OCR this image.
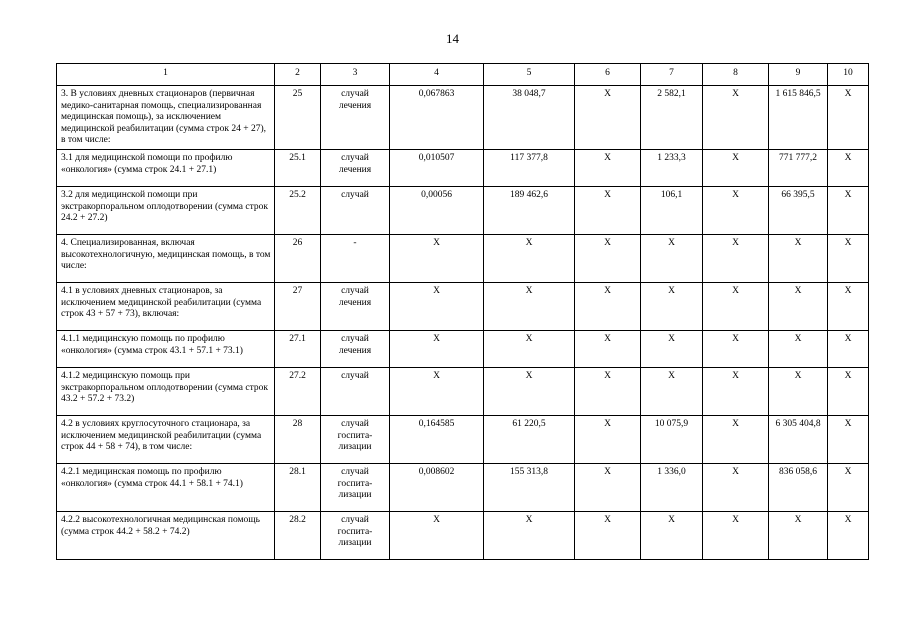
14
1	2	3	4	5	6	7	8	9	10
3. В условиях дневных стационаров (первичная медико-санитарная помощь, специализированная медицинская помощь), за исключением медицинской реабилитации (сумма строк 24 + 27), в том числе:	25	случай лечения	0,067863	38 048,7	X	2 582,1	X	1 615 846,5	X
3.1 для медицинской помощи по профилю «онкология» (сумма строк 24.1 + 27.1)	25.1	случай лечения	0,010507	117 377,8	X	1 233,3	X	771 777,2	X
3.2 для медицинской помощи при экстракорпоральном оплодотворении (сумма строк 24.2 + 27.2)	25.2	случай	0,00056	189 462,6	X	106,1	X	66 395,5	X
4. Специализированная, включая высокотехнологичную, медицинская помощь, в том числе:	26	-	X	X	X	X	X	X	X
4.1 в условиях дневных стационаров, за исключением медицинской реабилитации (сумма строк 43 + 57 + 73), включая:	27	случай лечения	X	X	X	X	X	X	X
4.1.1 медицинскую помощь по профилю «онкология» (сумма строк 43.1 + 57.1 + 73.1)	27.1	случай лечения	X	X	X	X	X	X	X
4.1.2 медицинскую помощь при экстракорпоральном оплодотворении (сумма строк 43.2 + 57.2 + 73.2)	27.2	случай	X	X	X	X	X	X	X
4.2 в условиях круглосуточного стационара, за исключением медицинской реабилитации (сумма строк 44 + 58 + 74), в том числе:	28	случай госпита-лизации	0,164585	61 220,5	X	10 075,9	X	6 305 404,8	X
4.2.1 медицинская помощь по профилю «онкология» (сумма строк 44.1 + 58.1 + 74.1)	28.1	случай госпита-лизации	0,008602	155 313,8	X	1 336,0	X	836 058,6	X
4.2.2 высокотехнологичная медицинская помощь (сумма строк 44.2 + 58.2 + 74.2)	28.2	случай госпита-лизации	X	X	X	X	X	X	X
